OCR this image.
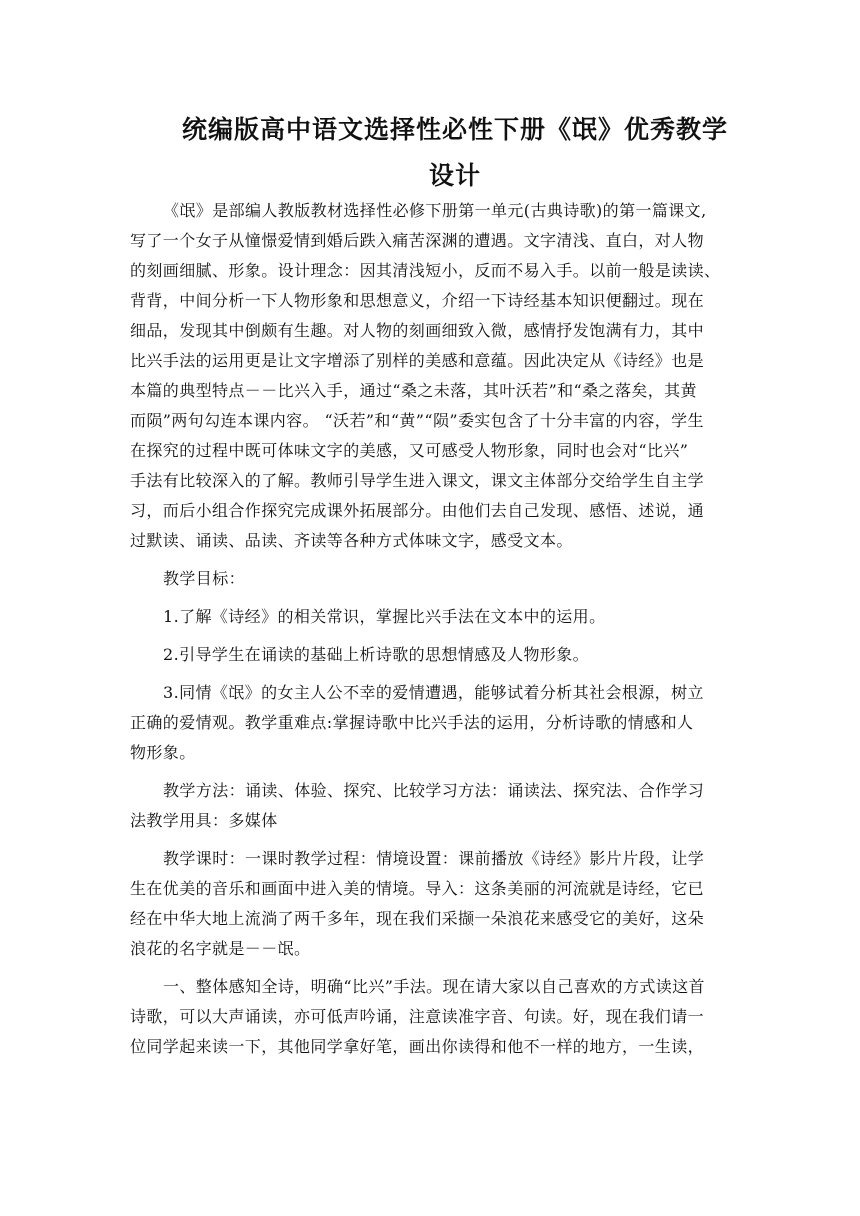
统编版高中语文选择性必性下册《氓》优秀教学
设计

《氓》是部编人教版教材选择性必修下册第一单元(古典诗歌)的第一篇课文,

写了一个女子从憧憬爱情到婚后跌入痛苦深渊的遭遇。文字清浅、直白，对人物

的刻画细腻、形象。设计理念：因其清浅短小，反而不易入手。以前一般是读读、

背背，中间分析一下人物形象和思想意义，介绍一下诗经基本知识便翻过。现在

细品，发现其中倒颇有生趣。对人物的刻画细致入微，感情抒发饱满有力，其中

比兴手法的运用更是让文字增添了别样的美感和意蕴。因此决定从《诗经》也是

本篇的典型特点－－比兴入手，通过“桑之未落，其叶沃若”和“桑之落矣，其黄

而陨”两句勾连本课内容。 “沃若”和“黄”“陨”委实包含了十分丰富的内容，学生

在探究的过程中既可体味文字的美感，又可感受人物形象，同时也会对“比兴”

手法有比较深入的了解。教师引导学生进入课文，课文主体部分交给学生自主学

习，而后小组合作探究完成课外拓展部分。由他们去自己发现、感悟、述说，通

过默读、诵读、品读、齐读等各种方式体味文字，感受文本。

教学目标：

1.了解《诗经》的相关常识，掌握比兴手法在文本中的运用。

2.引导学生在诵读的基础上析诗歌的思想情感及人物形象。

3.同情《氓》的女主人公不幸的爱情遭遇，能够试着分析其社会根源，树立

正确的爱情观。教学重难点:掌握诗歌中比兴手法的运用，分析诗歌的情感和人

物形象。

教学方法：诵读、体验、探究、比较学习方法：诵读法、探究法、合作学习

法教学用具：多媒体

教学课时：一课时教学过程：情境设置：课前播放《诗经》影片片段，让学

生在优美的音乐和画面中进入美的情境。导入：这条美丽的河流就是诗经，它已

经在中华大地上流淌了两千多年，现在我们采撷一朵浪花来感受它的美好，这朵

浪花的名字就是－－氓。

一、整体感知全诗，明确“比兴”手法。现在请大家以自己喜欢的方式读这首

诗歌，可以大声诵读，亦可低声吟诵，注意读准字音、句读。好，现在我们请一

位同学起来读一下，其他同学拿好笔，画出你读得和他不一样的地方，一生读，
